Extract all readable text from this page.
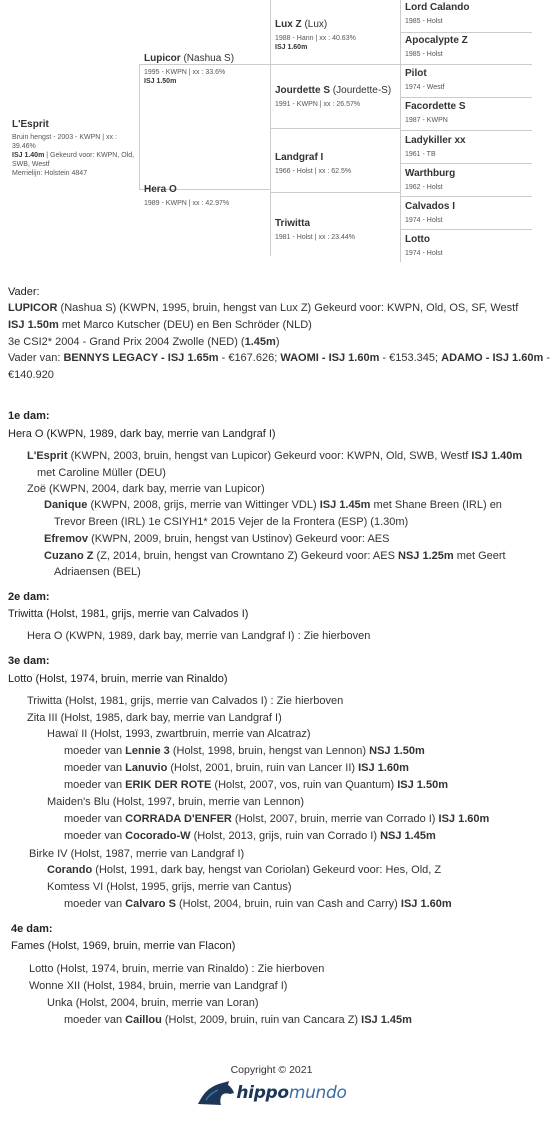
L'Esprit
Bruin hengst - 2003 - KWPN | xx :
39.46%
ISJ 1.40m | Gekeurd voor: KWPN, Old,
SWB, Westf
Merrielijn: Holstein 4847
Lupicor (Nashua S)
1995 - KWPN | xx : 33.6%
ISJ 1.50m
Hera O
1989 - KWPN | xx : 42.97%
Lux Z (Lux)
1988 - Hann | xx : 40.63%
ISJ 1.60m
Jourdette S (Jourdette-S)
1991 - KWPN | xx : 26.57%
Landgraf I
1966 - Holst | xx : 62.5%
Triwitta
1981 - Holst | xx : 23.44%
Lord Calando
1985 - Holst
Apocalypte Z
1985 - Holst
Pilot
1974 - Westf
Facordette S
1987 - KWPN
Ladykiller xx
1961 - TB
Warthburg
1962 - Holst
Calvados I
1974 - Holst
Lotto
1974 - Holst
Vader:
LUPICOR (Nashua S) (KWPN, 1995, bruin, hengst van Lux Z) Gekeurd voor: KWPN, Old, OS, SF, Westf
ISJ 1.50m met Marco Kutscher (DEU) en Ben Schröder (NLD)
3e CSI2* 2004 - Grand Prix 2004 Zwolle (NED) (1.45m)
Vader van: BENNYS LEGACY - ISJ 1.65m - €167.626; WAOMI - ISJ 1.60m - €153.345; ADAMO - ISJ 1.60m -
€140.920
1e dam:
Hera O (KWPN, 1989, dark bay, merrie van Landgraf I)
L'Esprit (KWPN, 2003, bruin, hengst van Lupicor) Gekeurd voor: KWPN, Old, SWB, Westf ISJ 1.40m
met Caroline Müller (DEU)
Zoë (KWPN, 2004, dark bay, merrie van Lupicor)
Danique (KWPN, 2008, grijs, merrie van Wittinger VDL) ISJ 1.45m met Shane Breen (IRL) en
Trevor Breen (IRL) 1e CSIYH1* 2015 Vejer de la Frontera (ESP) (1.30m)
Efremov (KWPN, 2009, bruin, hengst van Ustinov) Gekeurd voor: AES
Cuzano Z (Z, 2014, bruin, hengst van Crowntano Z) Gekeurd voor: AES NSJ 1.25m met Geert
Adriaensen (BEL)
2e dam:
Triwitta (Holst, 1981, grijs, merrie van Calvados I)
Hera O (KWPN, 1989, dark bay, merrie van Landgraf I) : Zie hierboven
3e dam:
Lotto (Holst, 1974, bruin, merrie van Rinaldo)
Triwitta (Holst, 1981, grijs, merrie van Calvados I) : Zie hierboven
Zita III (Holst, 1985, dark bay, merrie van Landgraf I)
Hawaï II (Holst, 1993, zwartbruin, merrie van Alcatraz)
moeder van Lennie 3 (Holst, 1998, bruin, hengst van Lennon) NSJ 1.50m
moeder van Lanuvio (Holst, 2001, bruin, ruin van Lancer II) ISJ 1.60m
moeder van ERIK DER ROTE (Holst, 2007, vos, ruin van Quantum) ISJ 1.50m
Maiden's Blu (Holst, 1997, bruin, merrie van Lennon)
moeder van CORRADA D'ENFER (Holst, 2007, bruin, merrie van Corrado I) ISJ 1.60m
moeder van Cocorado-W (Holst, 2013, grijs, ruin van Corrado I) NSJ 1.45m
Birke IV (Holst, 1987, merrie van Landgraf I)
Corando (Holst, 1991, dark bay, hengst van Coriolan) Gekeurd voor: Hes, Old, Z
Komtess VI (Holst, 1995, grijs, merrie van Cantus)
moeder van Calvaro S (Holst, 2004, bruin, ruin van Cash and Carry) ISJ 1.60m
4e dam:
Fames (Holst, 1969, bruin, merrie van Flacon)
Lotto (Holst, 1974, bruin, merrie van Rinaldo) : Zie hierboven
Wonne XII (Holst, 1984, bruin, merrie van Landgraf I)
Unka (Holst, 2004, bruin, merrie van Loran)
moeder van Caillou (Holst, 2009, bruin, ruin van Cancara Z) ISJ 1.45m
Copyright © 2021
hippomundo
